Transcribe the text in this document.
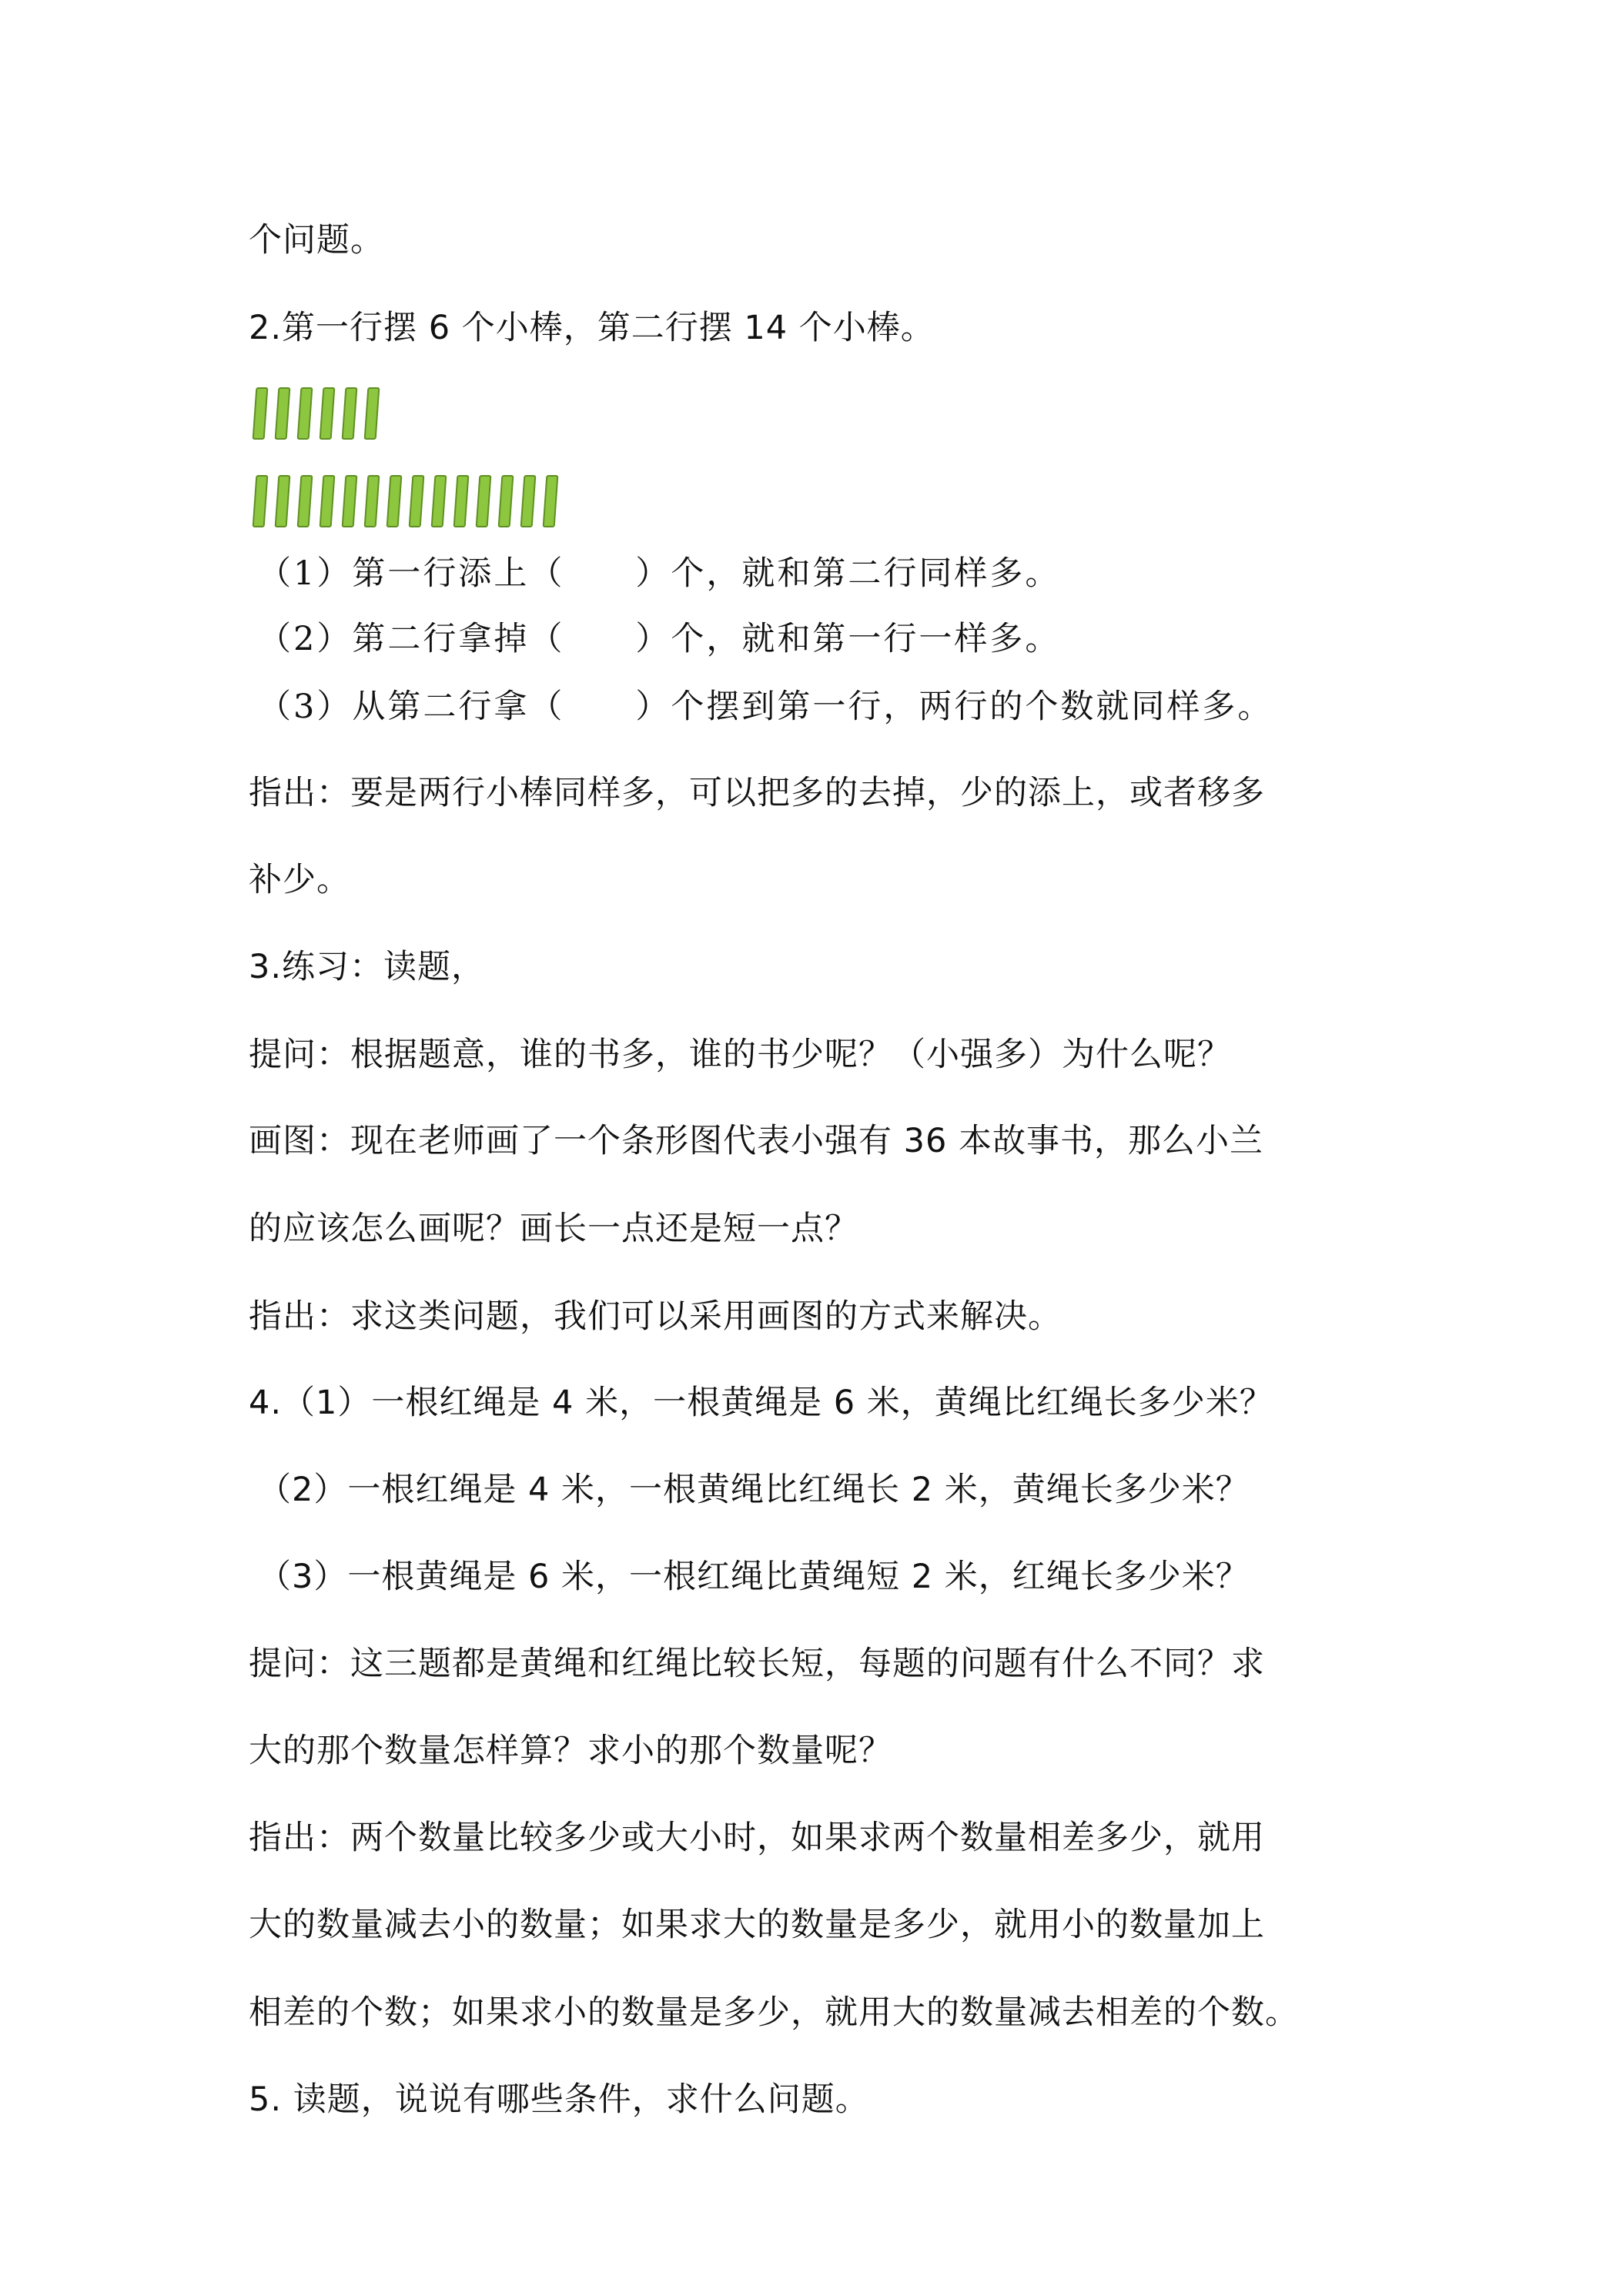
个问题。
2.第一行摆 6 个小棒，第二行摆 14 个小棒。
（1）第一行添上（　　）个，就和第二行同样多。
（2）第二行拿掉（　　）个，就和第一行一样多。
（3）从第二行拿（　　）个摆到第一行，两行的个数就同样多。
指出：要是两行小棒同样多，可以把多的去掉，少的添上，或者移多
补少。
3.练习：读题，
提问：根据题意，谁的书多，谁的书少呢？（小强多）为什么呢？
画图：现在老师画了一个条形图代表小强有 36 本故事书，那么小兰
的应该怎么画呢？画长一点还是短一点？
指出：求这类问题，我们可以采用画图的方式来解决。
4.（1）一根红绳是 4 米，一根黄绳是 6 米，黄绳比红绳长多少米？
（2）一根红绳是 4 米，一根黄绳比红绳长 2 米，黄绳长多少米？
（3）一根黄绳是 6 米，一根红绳比黄绳短 2 米，红绳长多少米？
提问：这三题都是黄绳和红绳比较长短，每题的问题有什么不同？求
大的那个数量怎样算？求小的那个数量呢？
指出：两个数量比较多少或大小时，如果求两个数量相差多少，就用
大的数量减去小的数量；如果求大的数量是多少，就用小的数量加上
相差的个数；如果求小的数量是多少，就用大的数量减去相差的个数。
5. 读题，说说有哪些条件，求什么问题。
